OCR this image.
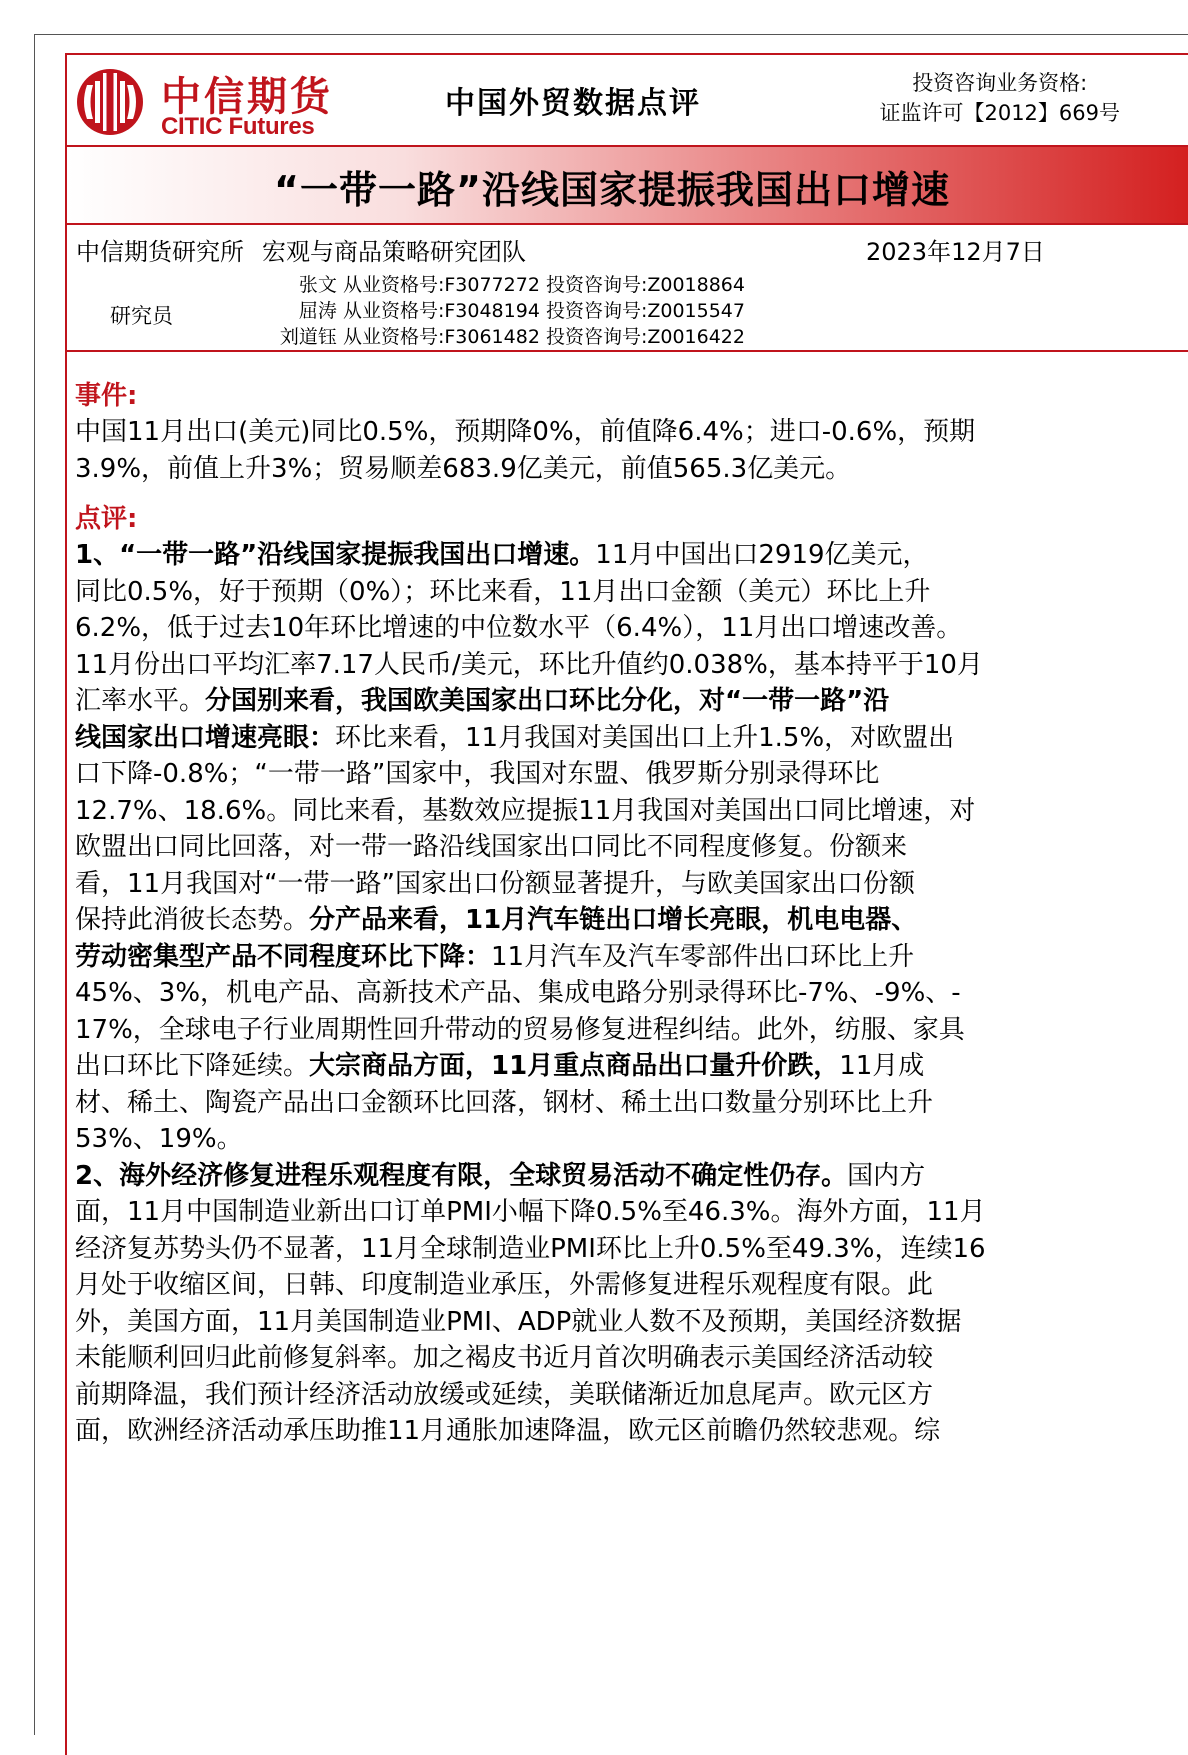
中信期货
CITIC Futures
中国外贸数据点评
投资咨询业务资格:
证监许可【2012】669号
“一带一路”沿线国家提振我国出口增速
中信期货研究所 宏观与商品策略研究团队	2023年12月7日
研究员
张文 从业资格号:F3077272 投资咨询号:Z0018864
屈涛 从业资格号:F3048194 投资咨询号:Z0015547
刘道钰 从业资格号:F3061482 投资咨询号:Z0016422

事件:

中国11月出口(美元)同比0.5%，预期降0%，前值降6.4%；进口-0.6%，预期
3.9%，前值上升3%；贸易顺差683.9亿美元，前值565.3亿美元。

点评:

1、“一带一路”沿线国家提振我国出口增速。11月中国出口2919亿美元，
同比0.5%，好于预期（0%）；环比来看，11月出口金额（美元）环比上升
6.2%，低于过去10年环比增速的中位数水平（6.4%），11月出口增速改善。
11月份出口平均汇率7.17人民币/美元，环比升值约0.038%，基本持平于10月
汇率水平。分国别来看，我国欧美国家出口环比分化，对“一带一路”沿
线国家出口增速亮眼：环比来看，11月我国对美国出口上升1.5%，对欧盟出
口下降-0.8%；“一带一路”国家中，我国对东盟、俄罗斯分别录得环比
12.7%、18.6%。同比来看，基数效应提振11月我国对美国出口同比增速，对
欧盟出口同比回落，对一带一路沿线国家出口同比不同程度修复。份额来
看，11月我国对“一带一路”国家出口份额显著提升，与欧美国家出口份额
保持此消彼长态势。分产品来看，11月汽车链出口增长亮眼，机电电器、
劳动密集型产品不同程度环比下降：11月汽车及汽车零部件出口环比上升
45%、3%，机电产品、高新技术产品、集成电路分别录得环比-7%、-9%、-
17%，全球电子行业周期性回升带动的贸易修复进程纠结。此外，纺服、家具
出口环比下降延续。大宗商品方面，11月重点商品出口量升价跌，11月成
材、稀土、陶瓷产品出口金额环比回落，钢材、稀土出口数量分别环比上升
53%、19%。
2、海外经济修复进程乐观程度有限，全球贸易活动不确定性仍存。国内方
面，11月中国制造业新出口订单PMI小幅下降0.5%至46.3%。海外方面，11月
经济复苏势头仍不显著，11月全球制造业PMI环比上升0.5%至49.3%，连续16
月处于收缩区间，日韩、印度制造业承压，外需修复进程乐观程度有限。此
外，美国方面，11月美国制造业PMI、ADP就业人数不及预期，美国经济数据
未能顺利回归此前修复斜率。加之褐皮书近月首次明确表示美国经济活动较
前期降温，我们预计经济活动放缓或延续，美联储渐近加息尾声。欧元区方
面，欧洲经济活动承压助推11月通胀加速降温，欧元区前瞻仍然较悲观。综
